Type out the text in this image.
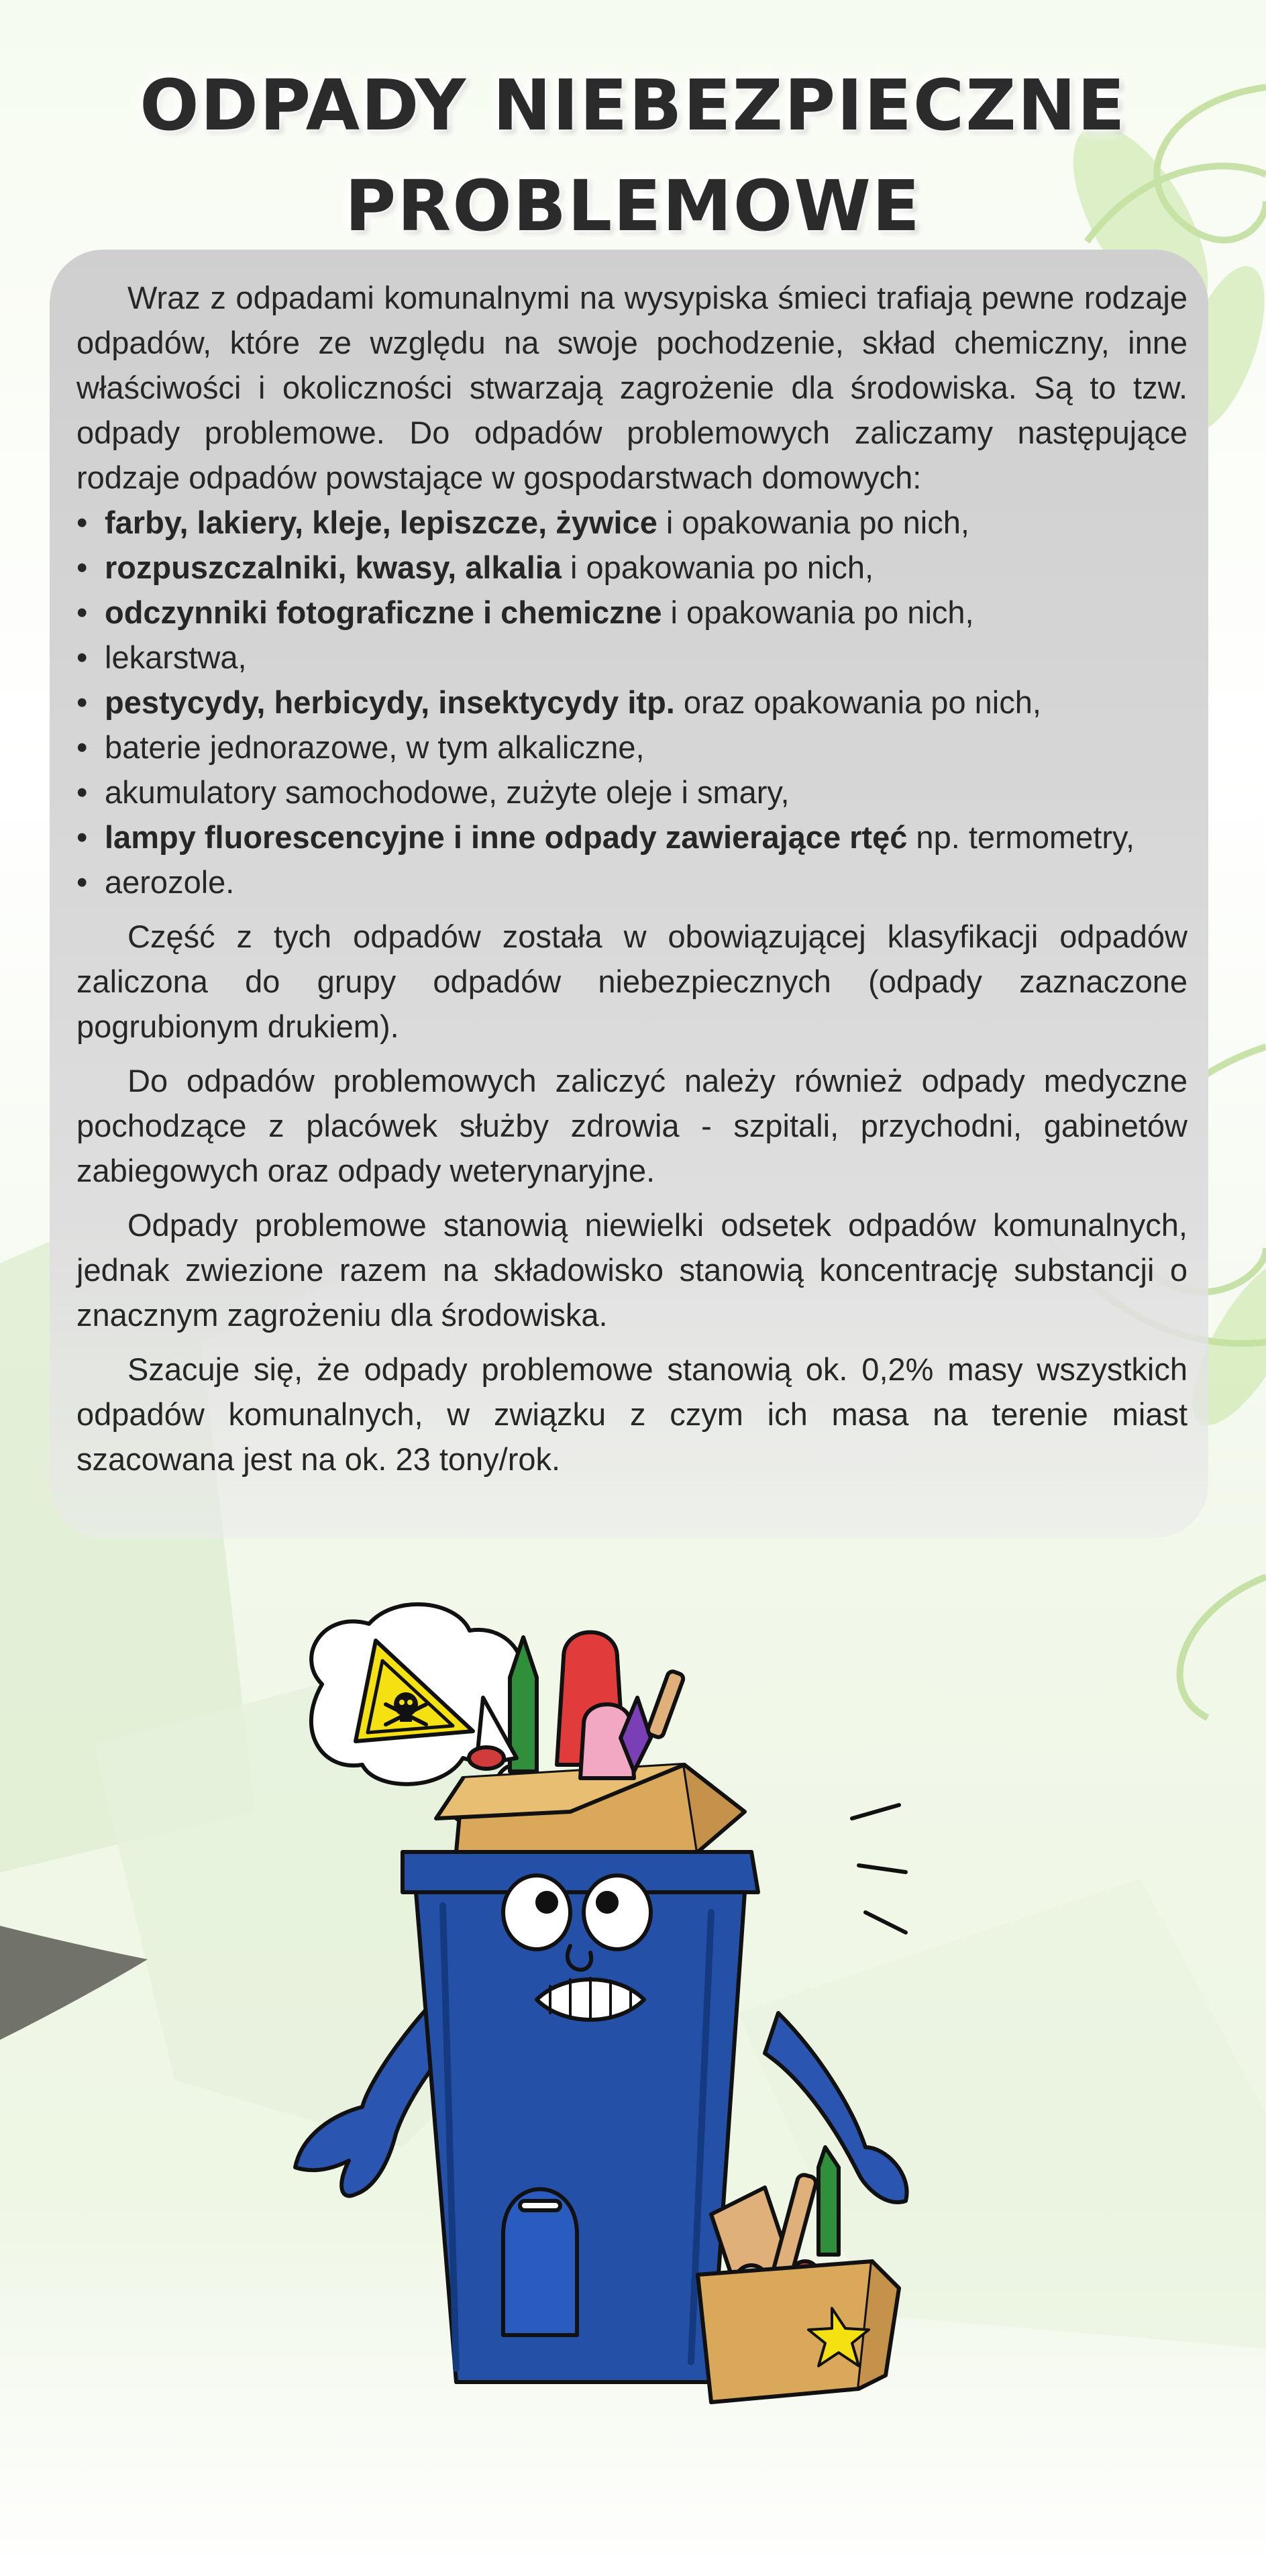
ODPADY NIEBEZPIECZNE
PROBLEMOWE

Wraz z odpadami komunalnymi na wysypiska śmieci trafiają pewne rodzaje odpadów, które ze względu na swoje pochodzenie, skład chemiczny, inne właściwości i okoliczności stwarzają zagrożenie dla środowiska. Są to tzw. odpady problemowe. Do odpadów problemowych zaliczamy następujące rodzaje odpadów powstające w gospodarstwach domowych:

• farby, lakiery, kleje, lepiszcze, żywice i opakowania po nich,
• rozpuszczalniki, kwasy, alkalia i opakowania po nich,
• odczynniki fotograficzne i chemiczne i opakowania po nich,
• lekarstwa,
• pestycydy, herbicydy, insektycydy itp. oraz opakowania po nich,
• baterie jednorazowe, w tym alkaliczne,
• akumulatory samochodowe, zużyte oleje i smary,
• lampy fluorescencyjne i inne odpady zawierające rtęć np. termometry,
• aerozole.

Część z tych odpadów została w obowiązującej klasyfikacji odpadów zaliczona do grupy odpadów niebezpiecznych (odpady zaznaczone pogrubionym drukiem).

Do odpadów problemowych zaliczyć należy również odpady medyczne pochodzące z placówek służby zdrowia - szpitali, przychodni, gabinetów zabiegowych oraz odpady weterynaryjne.

Odpady problemowe stanowią niewielki odsetek odpadów komunalnych, jednak zwiezione razem na składowisko stanowią koncentrację substancji o znacznym zagrożeniu dla środowiska.

Szacuje się, że odpady problemowe stanowią ok. 0,2% masy wszystkich odpadów komunalnych, w związku z czym ich masa na terenie miast szacowana jest na ok. 23 tony/rok.
